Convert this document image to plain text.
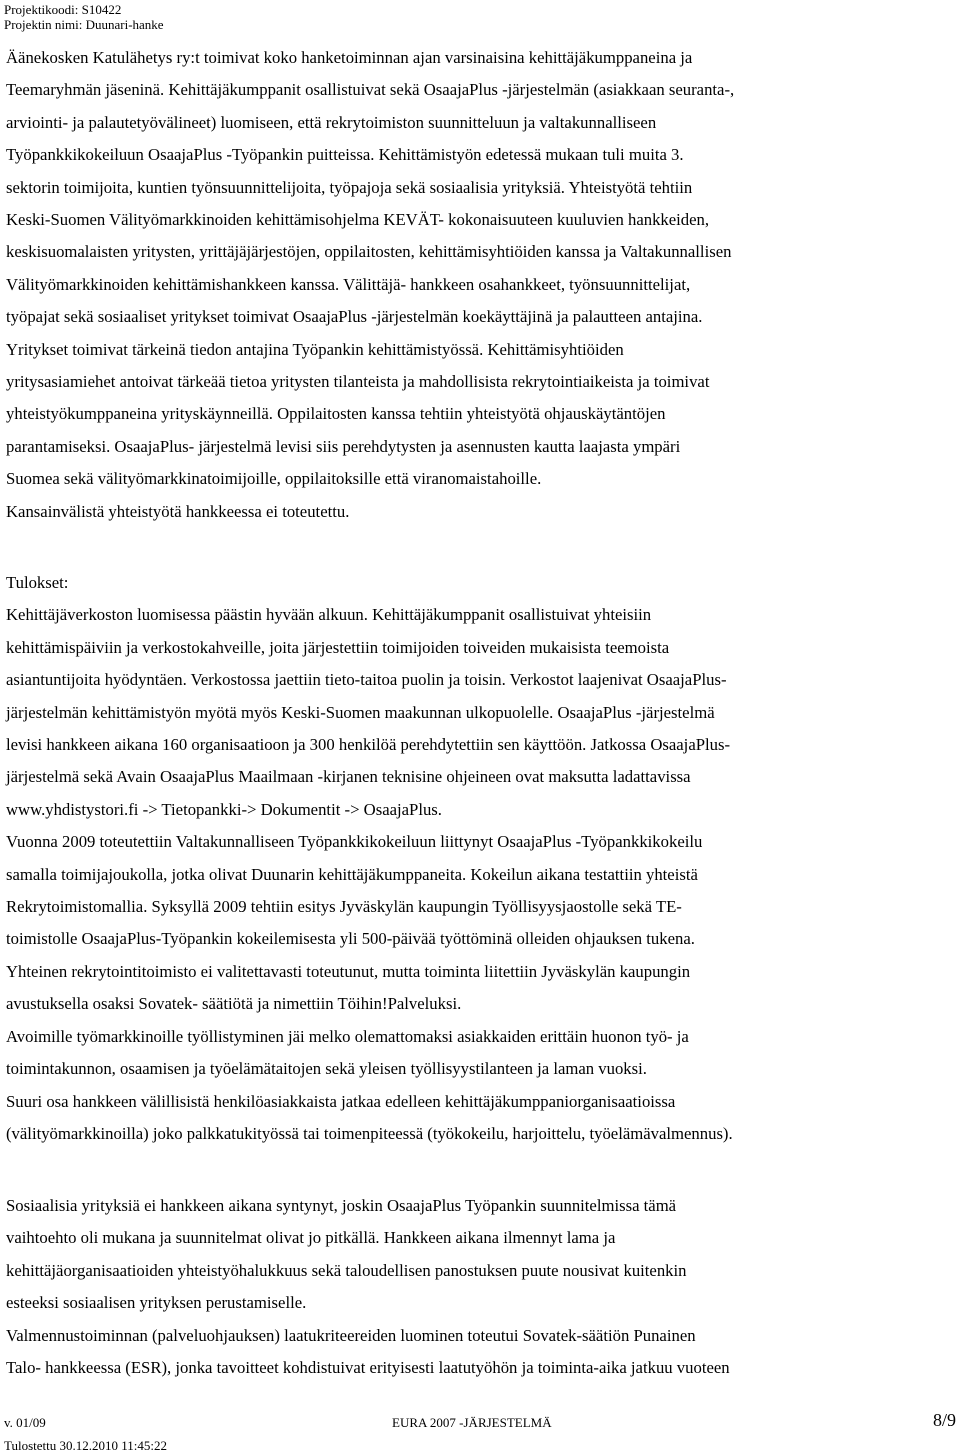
Projektikoodi: S10422
Projektin nimi: Duunari-hanke

Äänekosken Katulähetys ry:t toimivat koko hanketoiminnan ajan varsinaisina kehittäjäkumppaneina ja
Teemaryhmän jäseninä. Kehittäjäkumppanit osallistuivat sekä OsaajaPlus -järjestelmän (asiakkaan seuranta-,
arviointi- ja palautetyövälineet) luomiseen, että rekrytoimiston suunnitteluun ja valtakunnalliseen
Työpankkikokeiluun OsaajaPlus -Työpankin puitteissa. Kehittämistyön edetessä mukaan tuli muita 3.
sektorin toimijoita, kuntien työnsuunnittelijoita, työpajoja sekä sosiaalisia yrityksiä. Yhteistyötä tehtiin
Keski-Suomen Välityömarkkinoiden kehittämisohjelma KEVÄT- kokonaisuuteen kuuluvien hankkeiden,
keskisuomalaisten yritysten, yrittäjäjärjestöjen, oppilaitosten, kehittämisyhtiöiden kanssa ja Valtakunnallisen
Välityömarkkinoiden kehittämishankkeen kanssa. Välittäjä- hankkeen osahankkeet, työnsuunnittelijat,
työpajat sekä sosiaaliset yritykset toimivat OsaajaPlus -järjestelmän koekäyttäjinä ja palautteen antajina.
Yritykset toimivat tärkeinä tiedon antajina Työpankin kehittämistyössä. Kehittämisyhtiöiden
yritysasiamiehet antoivat tärkeää tietoa yritysten tilanteista ja mahdollisista rekrytointiaikeista ja toimivat
yhteistyökumppaneina yrityskäynneillä. Oppilaitosten kanssa tehtiin yhteistyötä ohjauskäytäntöjen
parantamiseksi. OsaajaPlus- järjestelmä levisi siis perehdytysten ja asennusten kautta laajasta ympäri
Suomea sekä välityömarkkinatoimijoille, oppilaitoksille että viranomaistahoille.
Kansainvälistä yhteistyötä hankkeessa ei toteutettu.

Tulokset:
Kehittäjäverkoston luomisessa päästin hyvään alkuun. Kehittäjäkumppanit osallistuivat yhteisiin
kehittämispäiviin ja verkostokahveille, joita järjestettiin toimijoiden toiveiden mukaisista teemoista
asiantuntijoita hyödyntäen. Verkostossa jaettiin tieto-taitoa puolin ja toisin. Verkostot laajenivat OsaajaPlus-
järjestelmän kehittämistyön myötä myös Keski-Suomen maakunnan ulkopuolelle. OsaajaPlus -järjestelmä
levisi hankkeen aikana 160 organisaatioon ja 300 henkilöä perehdytettiin sen käyttöön. Jatkossa OsaajaPlus-
järjestelmä sekä Avain OsaajaPlus Maailmaan -kirjanen teknisine ohjeineen ovat maksutta ladattavissa
www.yhdistystori.fi -> Tietopankki-> Dokumentit -> OsaajaPlus.
Vuonna 2009 toteutettiin Valtakunnalliseen Työpankkikokeiluun liittynyt OsaajaPlus -Työpankkikokeilu
samalla toimijajoukolla, jotka olivat Duunarin kehittäjäkumppaneita. Kokeilun aikana testattiin yhteistä
Rekrytoimistomallia. Syksyllä 2009 tehtiin esitys Jyväskylän kaupungin Työllisyysjaostolle sekä TE-
toimistolle OsaajaPlus-Työpankin kokeilemisesta yli 500-päivää työttöminä olleiden ohjauksen tukena.
Yhteinen rekrytointitoimisto ei valitettavasti toteutunut, mutta toiminta liitettiin Jyväskylän kaupungin
avustuksella osaksi Sovatek- säätiötä ja nimettiin Töihin!Palveluksi.
Avoimille työmarkkinoille työllistyminen jäi melko olemattomaksi asiakkaiden erittäin huonon työ- ja
toimintakunnon, osaamisen ja työelämätaitojen sekä yleisen työllisyystilanteen ja laman vuoksi.
Suuri osa hankkeen välillisistä henkilöasiakkaista jatkaa edelleen kehittäjäkumppaniorganisaatioissa
(välityömarkkinoilla) joko palkkatukityössä tai toimenpiteessä (työkokeilu, harjoittelu, työelämävalmennus).

Sosiaalisia yrityksiä ei hankkeen aikana syntynyt, joskin OsaajaPlus Työpankin suunnitelmissa tämä
vaihtoehto oli mukana ja suunnitelmat olivat jo pitkällä. Hankkeen aikana ilmennyt lama ja
kehittäjäorganisaatioiden yhteistyöhalukkuus sekä taloudellisen panostuksen puute nousivat kuitenkin
esteeksi sosiaalisen yrityksen perustamiselle.
Valmennustoiminnan (palveluohjauksen) laatukriteereiden luominen toteutui Sovatek-säätiön Punainen
Talo- hankkeessa (ESR), jonka tavoitteet kohdistuivat erityisesti laatutyöhön ja toiminta-aika jatkuu vuoteen

v. 01/09	EURA 2007 -JÄRJESTELMÄ	8/9
Tulostettu 30.12.2010 11:45:22
